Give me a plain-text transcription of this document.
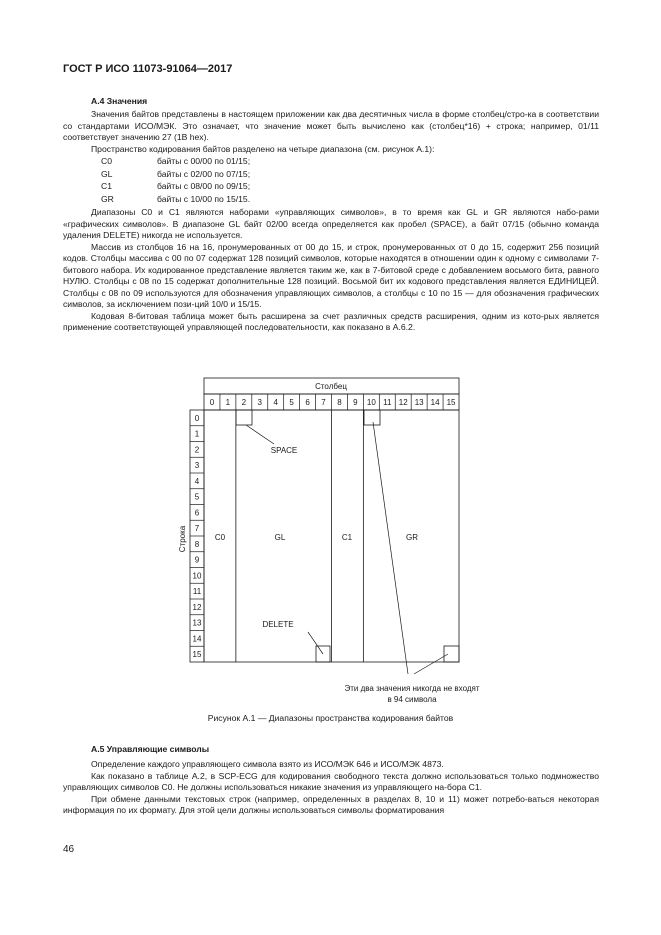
ГОСТ Р ИСО 11073-91064—2017
А.4 Значения

Значения байтов представлены в настоящем приложении как два десятичных числа в форме столбец/стро-ка в соответствии со стандартами ИСО/МЭК. Это означает, что значение может быть вычислено как (столбец*16) + строка; например, 01/11 соответствует значению 27 (1B hex).

Пространство кодирования байтов разделено на четыре диапазона (см. рисунок А.1):

C0	байты с 00/00 по 01/15;
GL	байты с 02/00 по 07/15;
C1	байты с 08/00 по 09/15;
GR	байты с 10/00 по 15/15.

Диапазоны C0 и C1 являются наборами «управляющих символов», в то время как GL и GR являются набо-рами «графических символов». В диапазоне GL байт 02/00 всегда определяется как пробел (SPACE), а байт 07/15 (обычно команда удаления DELETE) никогда не используется.

Массив из столбцов 16 на 16, пронумерованных от 00 до 15, и строк, пронумерованных от 0 до 15, содержит 256 позиций кодов. Столбцы массива с 00 по 07 содержат 128 позиций символов, которые находятся в отношении один к одному с символами 7-битового набора. Их кодированное представление является таким же, как в 7-битовой среде с добавлением восьмого бита, равного НУЛЮ. Столбцы с 08 по 15 содержат дополнительные 128 позиций. Восьмой бит их кодового представления является ЕДИНИЦЕЙ. Столбцы с 08 по 09 используются для обозначения управляющих символов, а столбцы с 10 по 15 — для обозначения графических символов, за исключением пози-ций 10/0 и 15/15.

Кодовая 8-битовая таблица может быть расширена за счет различных средств расширения, одним из кото-рых является применение соответствующей управляющей последовательности, как показано в А.6.2.

Столбец
0 1 2 3 4 5 6 7 8 9 10 11 12 13 14 15
0
1
2
3
4
5
6
7
8
9
10
11
12
13
14
15
Строка	C0	GL	C1	GR
SPACE
DELETE
Эти два значения никогда не входят
в 94 символа
Рисунок А.1 — Диапазоны пространства кодирования байтов
А.5 Управляющие символы

Определение каждого управляющего символа взято из ИСО/МЭК 646 и ИСО/МЭК 4873.

Как показано в таблице А.2, в SCP-ECG для кодирования свободного текста должно использоваться только подмножество управляющих символов C0. Не должны использоваться никакие значения из управляющего на-бора C1.

При обмене данными текстовых строк (например, определенных в разделах 8, 10 и 11) может потребо-ваться некоторая информация по их формату. Для этой цели должны использоваться символы форматирования

46
